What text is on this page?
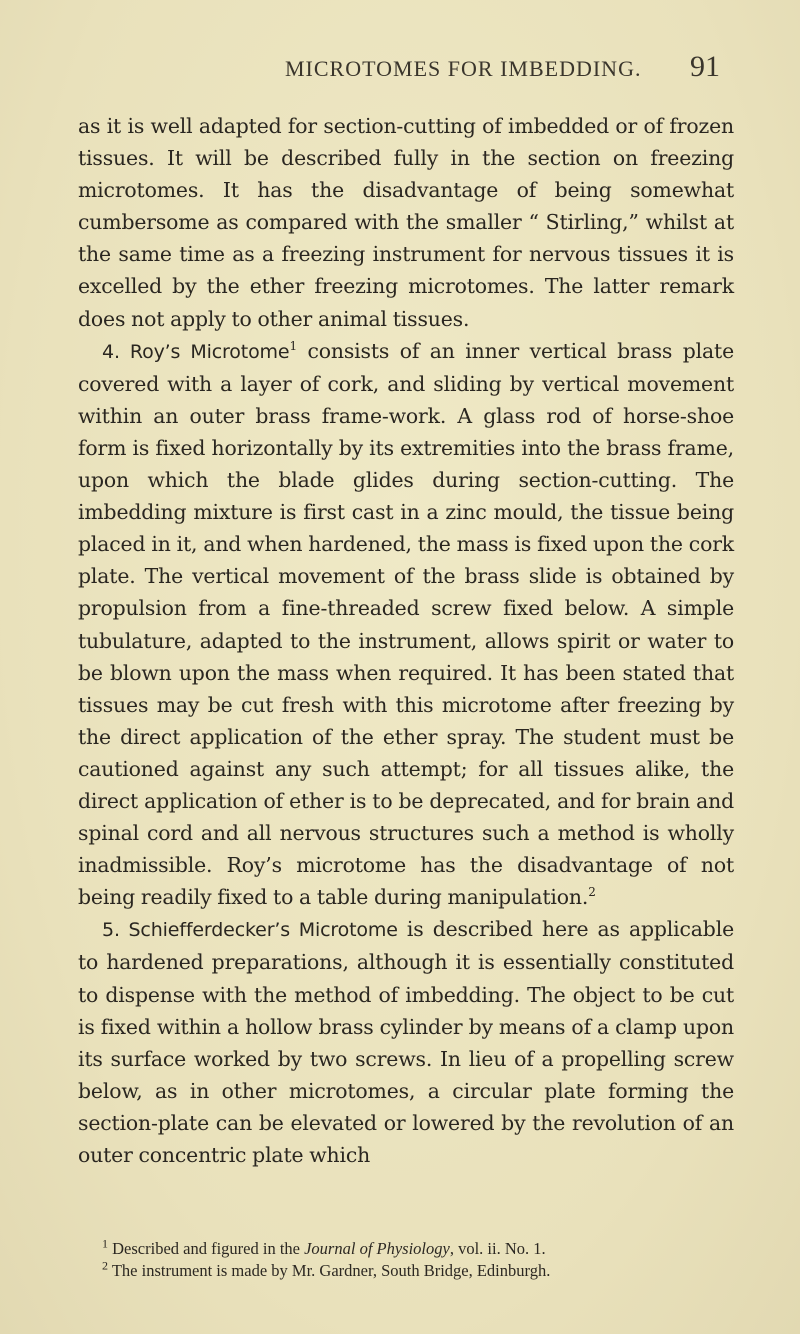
MICROTOMES FOR IMBEDDING. 91

as it is well adapted for section-cutting of imbedded or of frozen tissues. It will be described fully in the section on freezing microtomes. It has the disadvantage of being somewhat cumbersome as compared with the smaller “ Stirling,” whilst at the same time as a freezing instrument for nervous tissues it is excelled by the ether freezing microtomes. The latter remark does not apply to other animal tissues.

4. Roy’s Microtome$^1$ consists of an inner vertical brass plate covered with a layer of cork, and sliding by vertical movement within an outer brass frame-work. A glass rod of horse-shoe form is fixed horizontally by its extremities into the brass frame, upon which the blade glides during section-cutting. The imbedding mixture is first cast in a zinc mould, the tissue being placed in it, and when hardened, the mass is fixed upon the cork plate. The vertical movement of the brass slide is obtained by propulsion from a fine-threaded screw fixed below. A simple tubulature, adapted to the instrument, allows spirit or water to be blown upon the mass when required. It has been stated that tissues may be cut fresh with this microtome after freezing by the direct application of the ether spray. The student must be cautioned against any such attempt; for all tissues alike, the direct application of ether is to be deprecated, and for brain and spinal cord and all nervous structures such a method is wholly inadmissible. Roy’s microtome has the disadvantage of not being readily fixed to a table during manipulation.$^2$

5. Schiefferdecker’s Microtome is described here as applicable to hardened preparations, although it is essentially constituted to dispense with the method of imbedding. The object to be cut is fixed within a hollow brass cylinder by means of a clamp upon its surface worked by two screws. In lieu of a propelling screw below, as in other microtomes, a circular plate forming the section-plate can be elevated or lowered by the revolution of an outer concentric plate which

$^1$ Described and figured in the Journal of Physiology, vol. ii. No. 1.

$^2$ The instrument is made by Mr. Gardner, South Bridge, Edinburgh.
